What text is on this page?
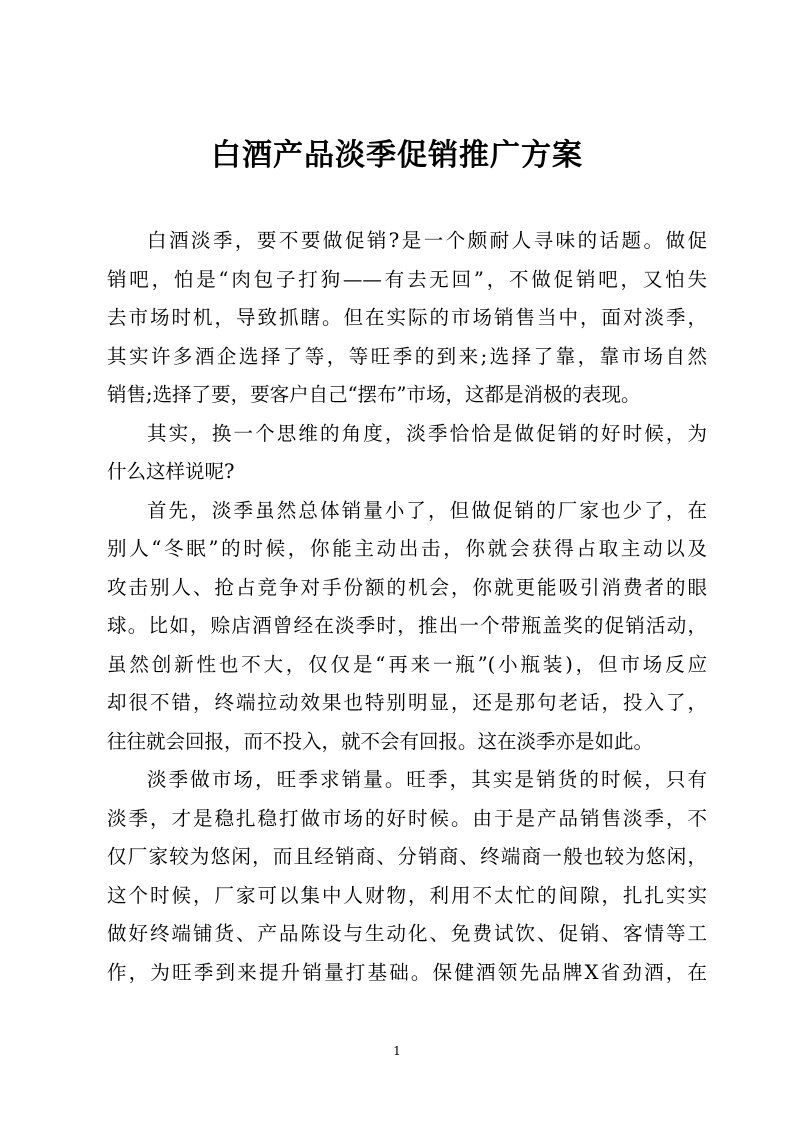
白酒产品淡季促销推广方案
白酒淡季，要不要做促销?是一个颇耐人寻味的话题。做促
销吧，怕是“肉包子打狗——有去无回”，不做促销吧，又怕失
去市场时机，导致抓瞎。但在实际的市场销售当中，面对淡季，
其实许多酒企选择了等，等旺季的到来;选择了靠，靠市场自然
销售;选择了要，要客户自己“摆布”市场，这都是消极的表现。
其实，换一个思维的角度，淡季恰恰是做促销的好时候，为
什么这样说呢?
首先，淡季虽然总体销量小了，但做促销的厂家也少了，在
别人“冬眠”的时候，你能主动出击，你就会获得占取主动以及
攻击别人、抢占竞争对手份额的机会，你就更能吸引消费者的眼
球。比如，赊店酒曾经在淡季时，推出一个带瓶盖奖的促销活动，
虽然创新性也不大，仅仅是“再来一瓶”(小瓶装)，但市场反应
却很不错，终端拉动效果也特别明显，还是那句老话，投入了，
往往就会回报，而不投入，就不会有回报。这在淡季亦是如此。
淡季做市场，旺季求销量。旺季，其实是销货的时候，只有
淡季，才是稳扎稳打做市场的好时候。由于是产品销售淡季，不
仅厂家较为悠闲，而且经销商、分销商、终端商一般也较为悠闲，
这个时候，厂家可以集中人财物，利用不太忙的间隙，扎扎实实
做好终端铺货、产品陈设与生动化、免费试饮、促销、客情等工
作，为旺季到来提升销量打基础。保健酒领先品牌X省劲酒，在
1
